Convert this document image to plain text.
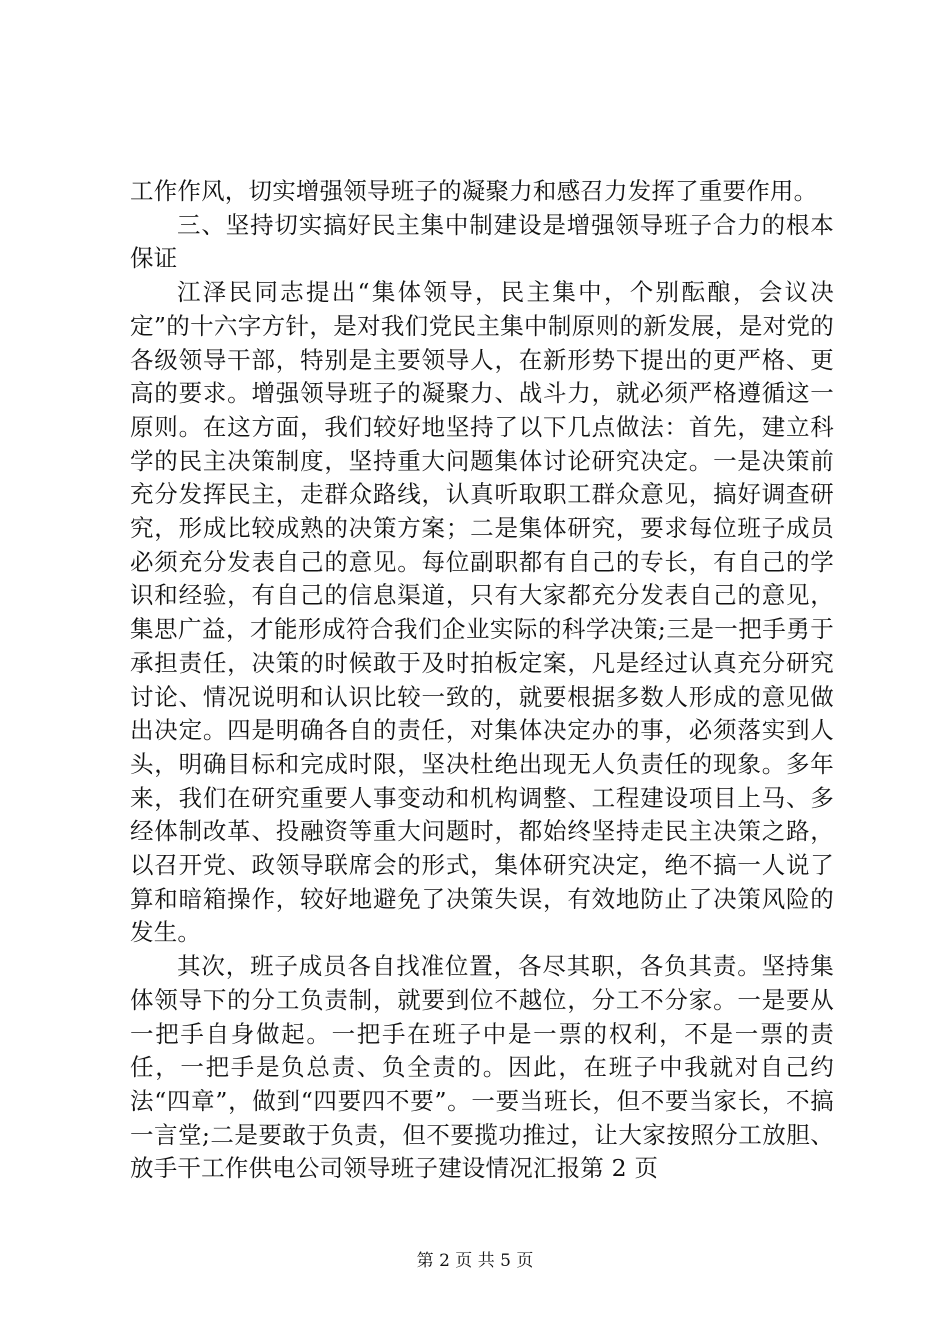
工作作风，切实增强领导班子的凝聚力和感召力发挥了重要作用。

三、坚持切实搞好民主集中制建设是增强领导班子合力的根本保证

江泽民同志提出“集体领导，民主集中，个别酝酿，会议决定”的十六字方针，是对我们党民主集中制原则的新发展，是对党的各级领导干部，特别是主要领导人，在新形势下提出的更严格、更高的要求。增强领导班子的凝聚力、战斗力，就必须严格遵循这一原则。在这方面，我们较好地坚持了以下几点做法：首先，建立科学的民主决策制度，坚持重大问题集体讨论研究决定。一是决策前充分发挥民主，走群众路线，认真听取职工群众意见，搞好调查研究，形成比较成熟的决策方案；二是集体研究，要求每位班子成员必须充分发表自己的意见。每位副职都有自己的专长，有自己的学识和经验，有自己的信息渠道，只有大家都充分发表自己的意见，集思广益，才能形成符合我们企业实际的科学决策;三是一把手勇于承担责任，决策的时候敢于及时拍板定案，凡是经过认真充分研究讨论、情况说明和认识比较一致的，就要根据多数人形成的意见做出决定。四是明确各自的责任，对集体决定办的事，必须落实到人头，明确目标和完成时限，坚决杜绝出现无人负责任的现象。多年来，我们在研究重要人事变动和机构调整、工程建设项目上马、多经体制改革、投融资等重大问题时，都始终坚持走民主决策之路，以召开党、政领导联席会的形式，集体研究决定，绝不搞一人说了算和暗箱操作，较好地避免了决策失误，有效地防止了决策风险的发生。

其次，班子成员各自找准位置，各尽其职，各负其责。坚持集体领导下的分工负责制，就要到位不越位，分工不分家。一是要从一把手自身做起。一把手在班子中是一票的权利，不是一票的责任，一把手是负总责、负全责的。因此，在班子中我就对自己约法“四章”，做到“四要四不要”。一要当班长，但不要当家长，不搞一言堂;二是要敢于负责，但不要揽功推过，让大家按照分工放胆、放手干工作供电公司领导班子建设情况汇报第 2 页

第 2 页 共 5 页
